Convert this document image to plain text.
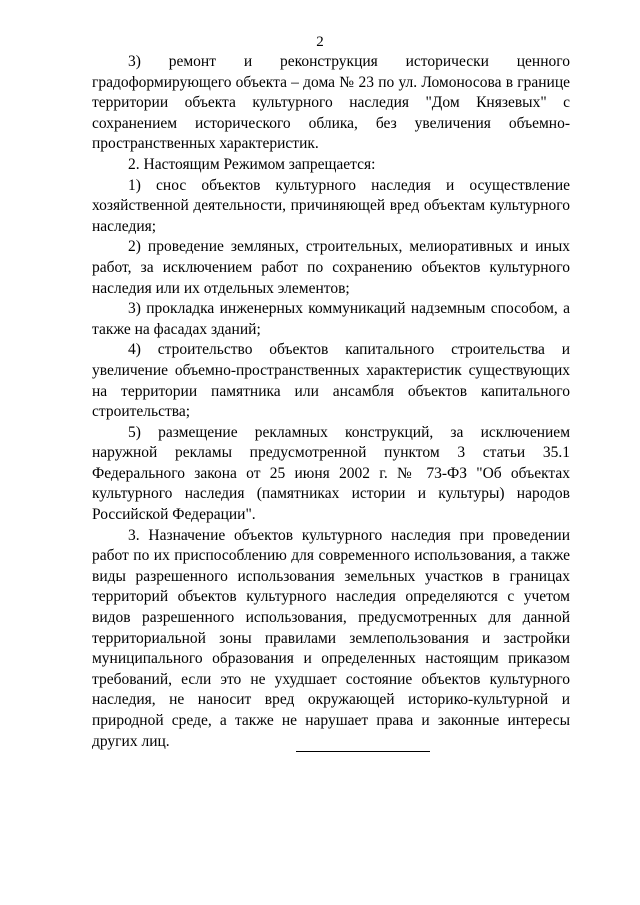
2

3) ремонт и реконструкция исторически ценного градоформирующего объекта – дома № 23 по ул. Ломоносова в границе территории объекта культурного наследия "Дом Князевых" с сохранением исторического облика, без увеличения объемно-пространственных характеристик.

2. Настоящим Режимом запрещается:

1) снос объектов культурного наследия и осуществление хозяйственной деятельности, причиняющей вред объектам культурного наследия;

2) проведение земляных, строительных, мелиоративных и иных работ, за исключением работ по сохранению объектов культурного наследия или их отдельных элементов;

3) прокладка инженерных коммуникаций надземным способом, а также на фасадах зданий;

4) строительство объектов капитального строительства и увеличение объемно-пространственных характеристик существующих на территории памятника или ансамбля объектов капитального строительства;

5) размещение рекламных конструкций, за исключением наружной рекламы предусмотренной пунктом 3 статьи 35.1 Федерального закона от 25 июня 2002 г. № 73-ФЗ "Об объектах культурного наследия (памятниках истории и культуры) народов Российской Федерации".

3. Назначение объектов культурного наследия при проведении работ по их приспособлению для современного использования, а также виды разрешенного использования земельных участков в границах территорий объектов культурного наследия определяются с учетом видов разрешенного использования, предусмотренных для данной территориальной зоны правилами землепользования и застройки муниципального образования и определенных настоящим приказом требований, если это не ухудшает состояние объектов культурного наследия, не наносит вред окружающей историко-культурной и природной среде, а также не нарушает права и законные интересы других лиц.
